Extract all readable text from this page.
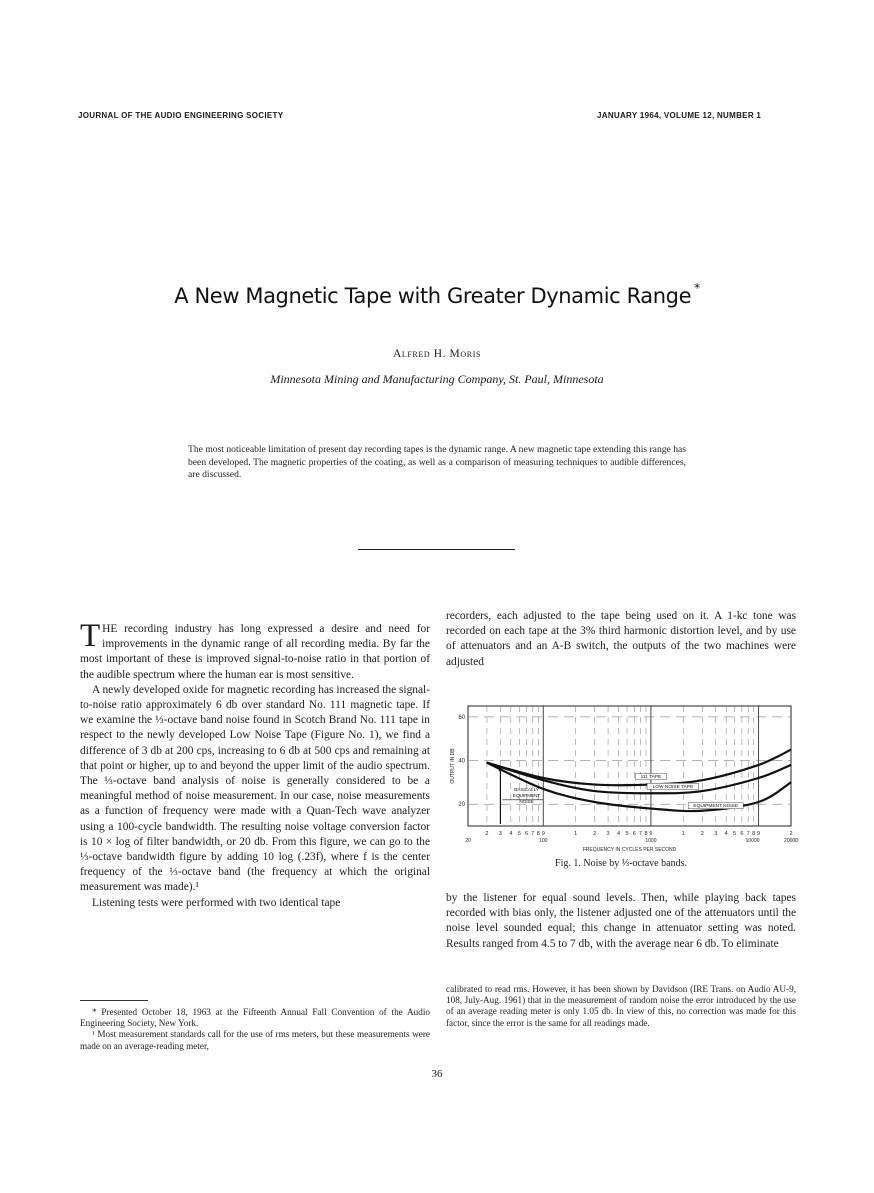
JOURNAL OF THE AUDIO ENGINEERING SOCIETY	JANUARY 1964, VOLUME 12, NUMBER 1
A New Magnetic Tape with Greater Dynamic Range *
Alfred H. Moris
Minnesota Mining and Manufacturing Company, St. Paul, Minnesota
The most noticeable limitation of present day recording tapes is the dynamic range. A new magnetic tape extending this range has been developed. The magnetic properties of the coating, as well as a comparison of measuring techniques to audible differences, are discussed.

THE recording industry has long expressed a desire and need for improvements in the dynamic range of all recording media. By far the most important of these is improved signal-to-noise ratio in that portion of the audible spectrum where the human ear is most sensitive.

A newly developed oxide for magnetic recording has increased the signal-to-noise ratio approximately 6 db over standard No. 111 magnetic tape. If we examine the ⅓-octave band noise found in Scotch Brand No. 111 tape in respect to the newly developed Low Noise Tape (Figure No. 1), we find a difference of 3 db at 200 cps, increasing to 6 db at 500 cps and remaining at that point or higher, up to and beyond the upper limit of the audio spectrum. The ⅓-octave band analysis of noise is generally considered to be a meaningful method of noise measurement. In our case, noise measurements as a function of frequency were made with a Quan-Tech wave analyzer using a 100-cycle bandwidth. The resulting noise voltage conversion factor is 10 × log of filter bandwidth, or 20 db. From this figure, we can go to the ⅓-octave bandwidth figure by adding 10 log (.23f), where f is the center frequency of the ⅓-octave band (the frequency at which the original measurement was made).¹

Listening tests were performed with two identical tape

recorders, each adjusted to the tape being used on it. A 1-kc tone was recorded on each tape at the 3% third harmonic distortion level, and by use of attenuators and an A-B switch, the outputs of the two machines were adjusted

20
40
60
2 3 4 5 6 7 8 9	1	2 3 4 5 6 7 8 9	1	2 3 4 5 6 7 8 9	2
20	100	1000	10000	20000
FREQUENCY IN CYCLES PER SECOND
OUTPUT IN DB	111 TAPE
LOW NOISE TAPE
EQUIPMENT NOISE
BASICALLY
EQUIPMENT
NOISE
Fig. 1. Noise by ⅓-octave bands.

by the listener for equal sound levels. Then, while playing back tapes recorded with bias only, the listener adjusted one of the attenuators until the noise level sounded equal; this change in attenuator setting was noted. Results ranged from 4.5 to 7 db, with the average near 6 db. To eliminate

* Presented October 18, 1963 at the Fifteenth Annual Fall Convention of the Audio Engineering Society, New York.

¹ Most measurement standards call for the use of rms meters, but these measurements were made on an average-reading meter,

calibrated to read rms. However, it has been shown by Davidson (IRE Trans. on Audio AU-9, 108, July-Aug. 1961) that in the measurement of random noise the error introduced by the use of an average reading meter is only 1.05 db. In view of this, no correction was made for this factor, since the error is the same for all readings made.
36
